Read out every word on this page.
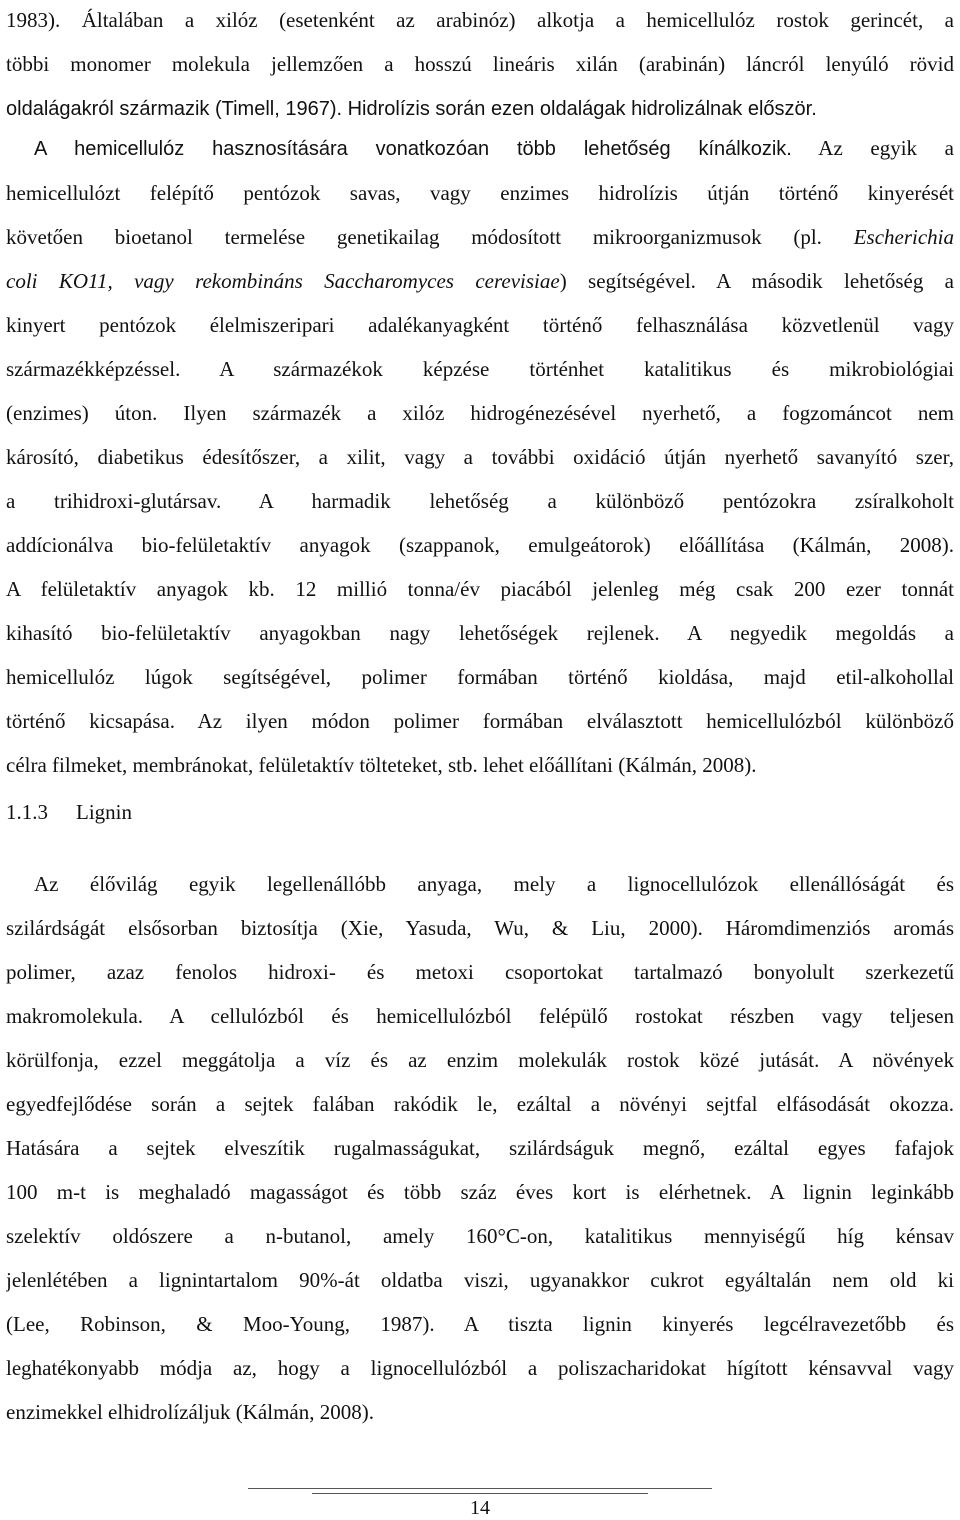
1983). Általában a xilóz (esetenként az arabinóz) alkotja a hemicellulóz rostok gerincét, a
többi monomer molekula jellemzően a hosszú lineáris xilán (arabinán) láncról lenyúló rövid
oldalágakról származik (Timell, 1967). Hidrolízis során ezen oldalágak hidrolizálnak először.
A hemicellulóz hasznosítására vonatkozóan több lehetőség kínálkozik. Az egyik a
hemicellulózt felépítő pentózok savas, vagy enzimes hidrolízis útján történő kinyerését
követően bioetanol termelése genetikailag módosított mikroorganizmusok (pl. Escherichia
coli KO11, vagy rekombináns Saccharomyces cerevisiae) segítségével. A második lehetőség a
kinyert pentózok élelmiszeripari adalékanyagként történő felhasználása közvetlenül vagy
származékképzéssel. A származékok képzése történhet katalitikus és mikrobiológiai
(enzimes) úton. Ilyen származék a xilóz hidrogénezésével nyerhető, a fogzománcot nem
károsító, diabetikus édesítőszer, a xilit, vagy a további oxidáció útján nyerhető savanyító szer,
a trihidroxi-glutársav. A harmadik lehetőség a különböző pentózokra zsíralkoholt
addícionálva bio-felületaktív anyagok (szappanok, emulgeátorok) előállítása (Kálmán, 2008).
A felületaktív anyagok kb. 12 millió tonna/év piacából jelenleg még csak 200 ezer tonnát
kihasító bio-felületaktív anyagokban nagy lehetőségek rejlenek. A negyedik megoldás a
hemicellulóz lúgok segítségével, polimer formában történő kioldása, majd etil-alkohollal
történő kicsapása. Az ilyen módon polimer formában elválasztott hemicellulózból különböző
célra filmeket, membránokat, felületaktív tölteteket, stb. lehet előállítani (Kálmán, 2008).
1.1.3 Lignin
Az élővilág egyik legellenállóbb anyaga, mely a lignocellulózok ellenállóságát és
szilárdságát elsősorban biztosítja (Xie, Yasuda, Wu, & Liu, 2000). Háromdimenziós aromás
polimer, azaz fenolos hidroxi- és metoxi csoportokat tartalmazó bonyolult szerkezetű
makromolekula. A cellulózból és hemicellulózból felépülő rostokat részben vagy teljesen
körülfonja, ezzel meggátolja a víz és az enzim molekulák rostok közé jutását. A növények
egyedfejlődése során a sejtek falában rakódik le, ezáltal a növényi sejtfal elfásodását okozza.
Hatására a sejtek elveszítik rugalmasságukat, szilárdságuk megnő, ezáltal egyes fafajok
100 m-t is meghaladó magasságot és több száz éves kort is elérhetnek. A lignin leginkább
szelektív oldószere a n-butanol, amely 160°C-on, katalitikus mennyiségű híg kénsav
jelenlétében a lignintartalom 90%-át oldatba viszi, ugyanakkor cukrot egyáltalán nem old ki
(Lee, Robinson, & Moo-Young, 1987). A tiszta lignin kinyerés legcélravezetőbb és
leghatékonyabb módja az, hogy a lignocellulózból a poliszacharidokat hígított kénsavval vagy
enzimekkel elhidrolízáljuk (Kálmán, 2008).
14
